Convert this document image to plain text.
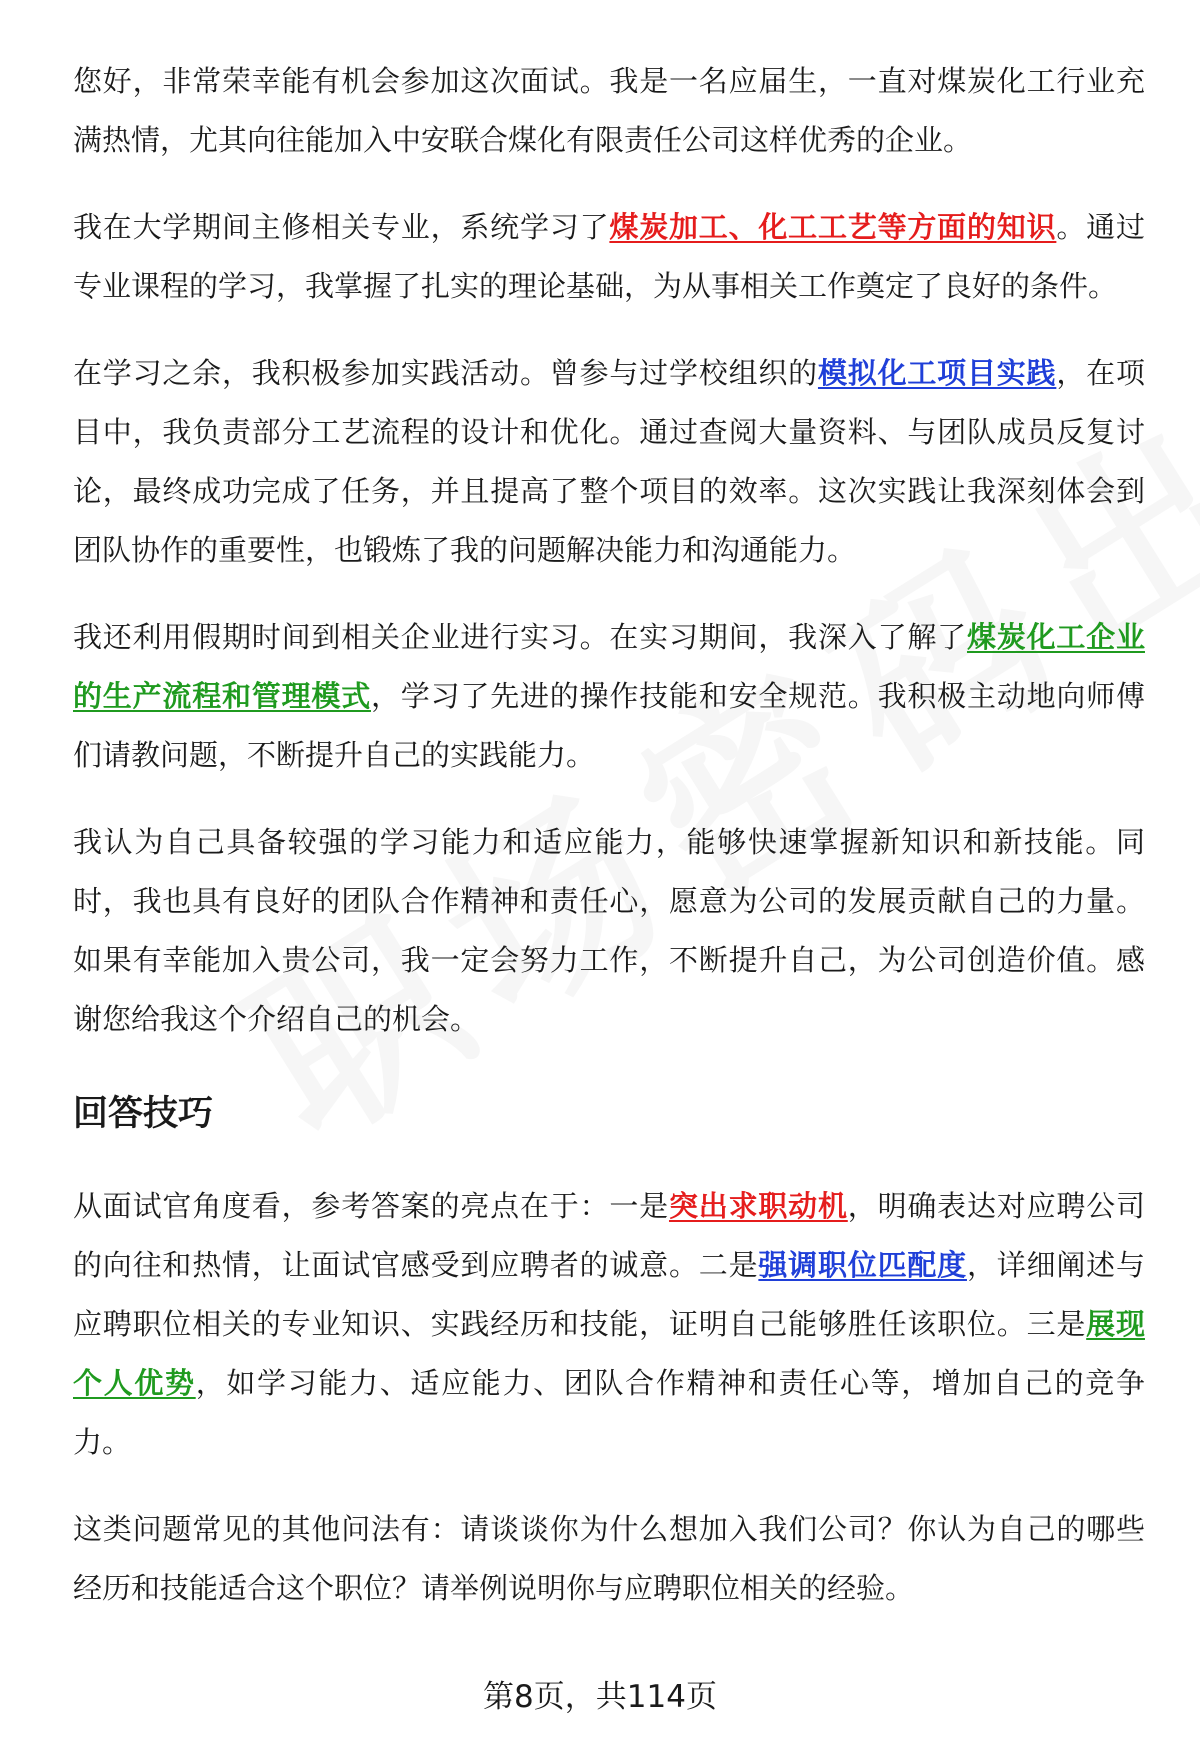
您好，非常荣幸能有机会参加这次面试。我是一名应届生，一直对煤炭化工行业充满热情，尤其向往能加入中安联合煤化有限责任公司这样优秀的企业。
我在大学期间主修相关专业，系统学习了煤炭加工、化工工艺等方面的知识。通过专业课程的学习，我掌握了扎实的理论基础，为从事相关工作奠定了良好的条件。
在学习之余，我积极参加实践活动。曾参与过学校组织的模拟化工项目实践，在项目中，我负责部分工艺流程的设计和优化。通过查阅大量资料、与团队成员反复讨论，最终成功完成了任务，并且提高了整个项目的效率。这次实践让我深刻体会到团队协作的重要性，也锻炼了我的问题解决能力和沟通能力。
我还利用假期时间到相关企业进行实习。在实习期间，我深入了解了煤炭化工企业的生产流程和管理模式，学习了先进的操作技能和安全规范。我积极主动地向师傅们请教问题，不断提升自己的实践能力。
我认为自己具备较强的学习能力和适应能力，能够快速掌握新知识和新技能。同时，我也具有良好的团队合作精神和责任心，愿意为公司的发展贡献自己的力量。如果有幸能加入贵公司，我一定会努力工作，不断提升自己，为公司创造价值。感谢您给我这个介绍自己的机会。
回答技巧
从面试官角度看，参考答案的亮点在于：一是突出求职动机，明确表达对应聘公司的向往和热情，让面试官感受到应聘者的诚意。二是强调职位匹配度，详细阐述与应聘职位相关的专业知识、实践经历和技能，证明自己能够胜任该职位。三是展现个人优势，如学习能力、适应能力、团队合作精神和责任心等，增加自己的竞争力。
这类问题常见的其他问法有：请谈谈你为什么想加入我们公司？你认为自己的哪些经历和技能适合这个职位？请举例说明你与应聘职位相关的经验。
第8页，共114页
